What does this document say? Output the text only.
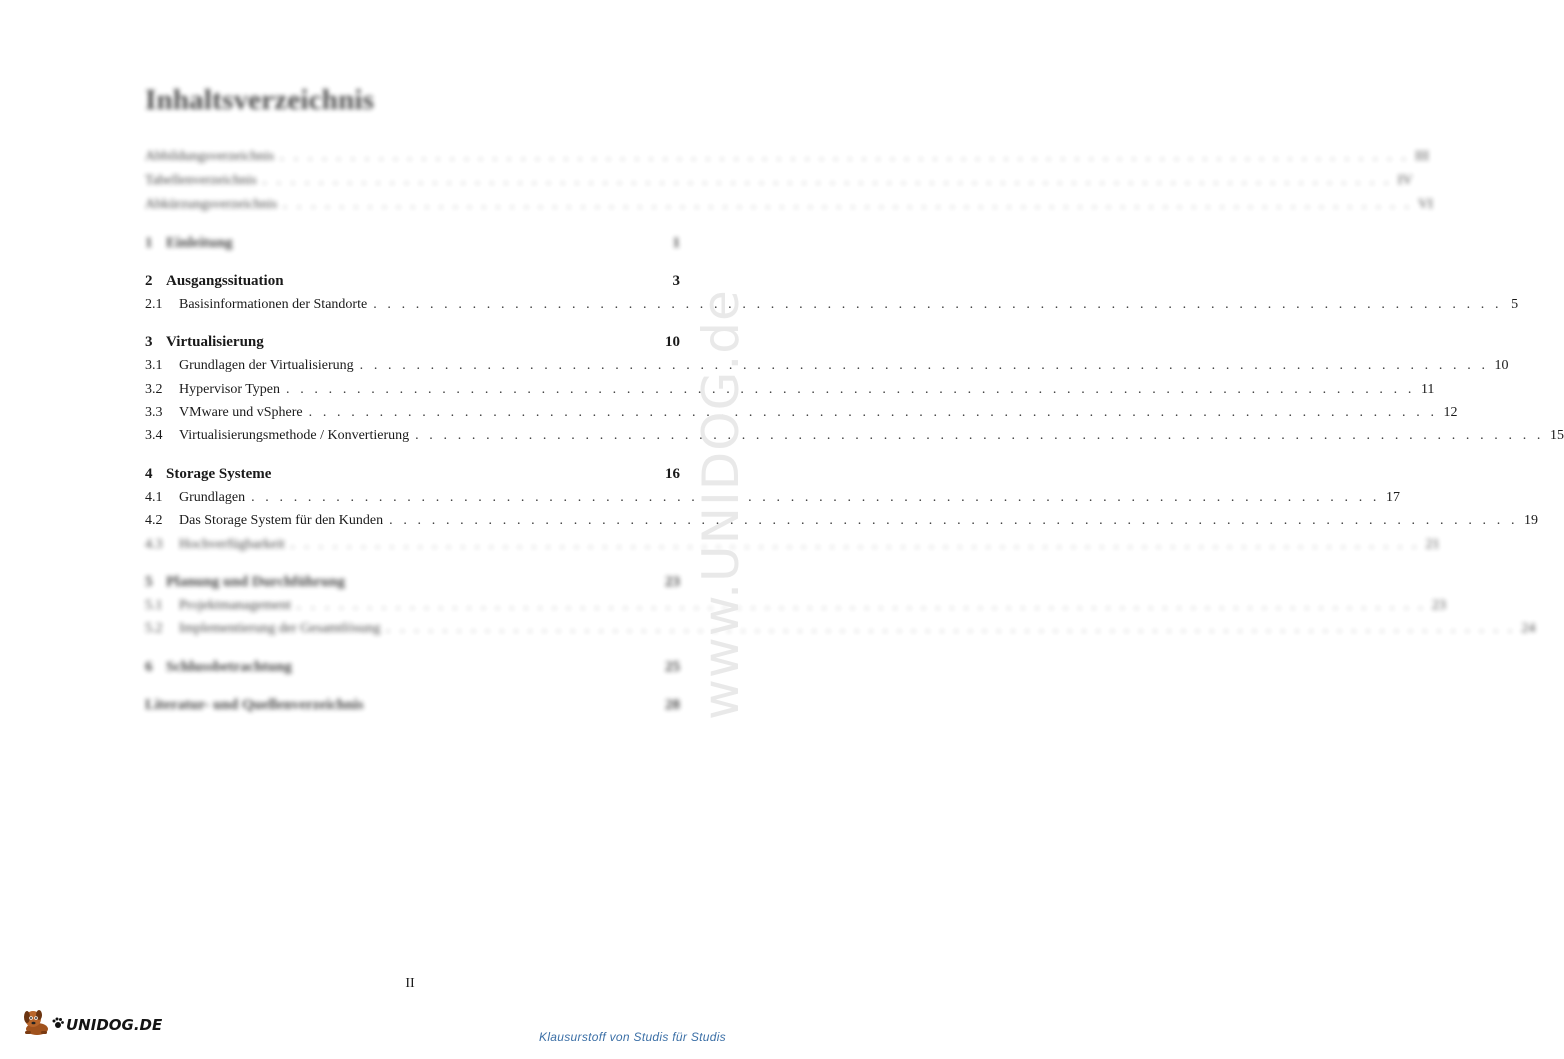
Inhaltsverzeichnis
Abbildungsverzeichnis . . . . . . . . . . . . . . . . . . . . . . . . . . . . . . . . . . . . . . . . . . . . . . . . . . . . . . . . . . . . . . . . . . . . . . . . . . . . . . . . III
Tabellenverzeichnis . . . . . . . . . . . . . . . . . . . . . . . . . . . . . . . . . . . . . . . . . . . . . . . . . . . . . . . . . . . . . . . . . . . . . . . . . . . . . . . . IV
Abkürzungsverzeichnis . . . . . . . . . . . . . . . . . . . . . . . . . . . . . . . . . . . . . . . . . . . . . . . . . . . . . . . . . . . . . . . . . . . . . . . . . . . . . . . . VI
1 Einleitung	1
2 Ausgangssituation	3
2.1	Basisinformationen der Standorte . . . . . . . . . . . . . . . . . . . . . . . . . . . . . . . . . . . . . . . . . . . . . . . . . . . . . . . . . . . . . . . . . . . . . . . . . . . . . . . . 5
3 Virtualisierung	10
3.1	Grundlagen der Virtualisierung . . . . . . . . . . . . . . . . . . . . . . . . . . . . . . . . . . . . . . . . . . . . . . . . . . . . . . . . . . . . . . . . . . . . . . . . . . . . . . . . 10
3.2	Hypervisor Typen . . . . . . . . . . . . . . . . . . . . . . . . . . . . . . . . . . . . . . . . . . . . . . . . . . . . . . . . . . . . . . . . . . . . . . . . . . . . . . . . 11
3.3	VMware und vSphere . . . . . . . . . . . . . . . . . . . . . . . . . . . . . . . . . . . . . . . . . . . . . . . . . . . . . . . . . . . . . . . . . . . . . . . . . . . . . . . . 12
3.4	Virtualisierungsmethode / Konvertierung . . . . . . . . . . . . . . . . . . . . . . . . . . . . . . . . . . . . . . . . . . . . . . . . . . . . . . . . . . . . . . . . . . . . . . . . . . . . . . . . 15
4 Storage Systeme	16
4.1	Grundlagen . . . . . . . . . . . . . . . . . . . . . . . . . . . . . . . . . . . . . . . . . . . . . . . . . . . . . . . . . . . . . . . . . . . . . . . . . . . . . . . . 17
4.2	Das Storage System für den Kunden . . . . . . . . . . . . . . . . . . . . . . . . . . . . . . . . . . . . . . . . . . . . . . . . . . . . . . . . . . . . . . . . . . . . . . . . . . . . . . . . 19
4.3	Hochverfügbarkeit . . . . . . . . . . . . . . . . . . . . . . . . . . . . . . . . . . . . . . . . . . . . . . . . . . . . . . . . . . . . . . . . . . . . . . . . . . . . . . . . 21
5 Planung und Durchführung	23
5.1	Projektmanagement . . . . . . . . . . . . . . . . . . . . . . . . . . . . . . . . . . . . . . . . . . . . . . . . . . . . . . . . . . . . . . . . . . . . . . . . . . . . . . . . 23
5.2	Implementierung der Gesamtlösung . . . . . . . . . . . . . . . . . . . . . . . . . . . . . . . . . . . . . . . . . . . . . . . . . . . . . . . . . . . . . . . . . . . . . . . . . . . . . . . . 24
6 Schlussbetrachtung	25
Literatur- und Quellenverzeichnis	28 www.UNIDOG.de
II
UNIDOG.DE
Klausurstoff von Studis für Studis
